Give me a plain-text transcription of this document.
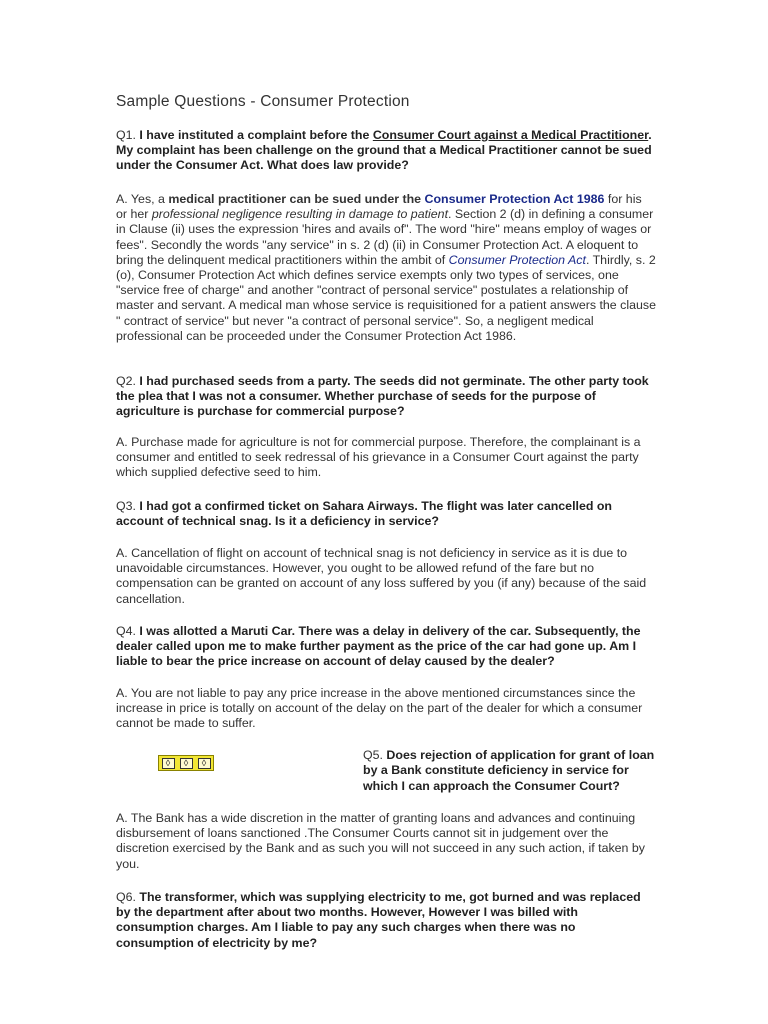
Sample Questions - Consumer Protection
Q1. I have instituted a complaint before the Consumer Court against a Medical Practitioner. My complaint has been challenge on the ground that a Medical Practitioner cannot be sued under the Consumer Act. What does law provide?
A. Yes, a medical practitioner can be sued under the Consumer Protection Act 1986 for his or her professional negligence resulting in damage to patient. Section 2 (d) in defining a consumer in Clause (ii) uses the expression 'hires and avails of". The word "hire" means employ of wages or fees". Secondly the words "any service" in s. 2 (d) (ii) in Consumer Protection Act. A eloquent to bring the delinquent medical practitioners within the ambit of Consumer Protection Act. Thirdly, s. 2 (o), Consumer Protection Act which defines service exempts only two types of services, one "service free of charge" and another "contract of personal service" postulates a relationship of master and servant. A medical man whose service is requisitioned for a patient answers the clause " contract of service" but never "a contract of personal service". So, a negligent medical professional can be proceeded under the Consumer Protection Act 1986.
Q2. I had purchased seeds from a party. The seeds did not germinate. The other party took the plea that I was not a consumer. Whether purchase of seeds for the purpose of agriculture is purchase for commercial purpose?
A. Purchase made for agriculture is not for commercial purpose. Therefore, the complainant is a consumer and entitled to seek redressal of his grievance in a Consumer Court against the party which supplied defective seed to him.
Q3. I had got a confirmed ticket on Sahara Airways. The flight was later cancelled on account of technical snag. Is it a deficiency in service?
A. Cancellation of flight on account of technical snag is not deficiency in service as it is due to unavoidable circumstances. However, you ought to be allowed refund of the fare but no compensation can be granted on account of any loss suffered by you (if any) because of the said cancellation.
Q4. I was allotted a Maruti Car. There was a delay in delivery of the car. Subsequently, the dealer called upon me to make further payment as the price of the car had gone up. Am I liable to bear the price increase on account of delay caused by the dealer?
A. You are not liable to pay any price increase in the above mentioned circumstances since the increase in price is totally on account of the delay on the part of the dealer for which a consumer cannot be made to suffer.
◊	◊	◊
Q5. Does rejection of application for grant of loan by a Bank constitute deficiency in service for which I can approach the Consumer Court?
A. The Bank has a wide discretion in the matter of granting loans and advances and continuing disbursement of loans sanctioned .The Consumer Courts cannot sit in judgement over the discretion exercised by the Bank and as such you will not succeed in any such action, if taken by you.
Q6. The transformer, which was supplying electricity to me, got burned and was replaced by the department after about two months. However, However I was billed with consumption charges. Am I liable to pay any such charges when there was no consumption of electricity by me?
